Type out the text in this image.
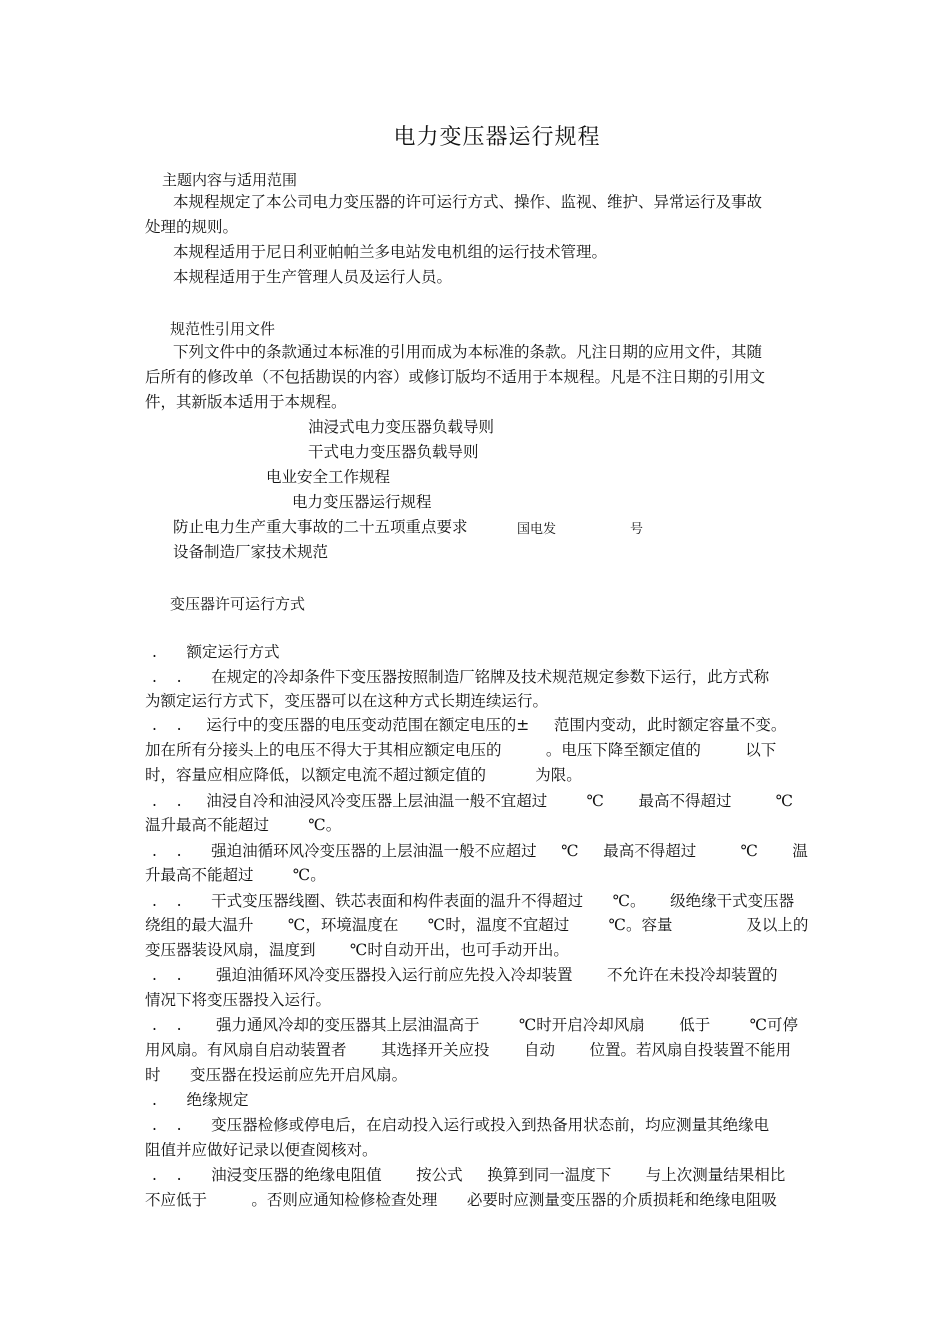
电力变压器运行规程
主题内容与适用范围
本规程规定了本公司电力变压器的许可运行方式、操作、监视、维护、异常运行及事故
处理的规则。
本规程适用于尼日利亚帕帕兰多电站发电机组的运行技术管理。
本规程适用于生产管理人员及运行人员。
规范性引用文件
下列文件中的条款通过本标准的引用而成为本标准的条款。凡注日期的应用文件，其随
后所有的修改单（不包括勘误的内容）或修订版均不适用于本规程。凡是不注日期的引用文
件，其新版本适用于本规程。
油浸式电力变压器负载导则
干式电力变压器负载导则
电业安全工作规程
电力变压器运行规程
防止电力生产重大事故的二十五项重点要求	国电发	号
设备制造厂家技术规范
变压器许可运行方式
.      额定运行方式
.    .      在规定的冷却条件下变压器按照制造厂铭牌及技术规范规定参数下运行，此方式称
为额定运行方式下，变压器可以在这种方式长期连续运行。
.    .     运行中的变压器的电压变动范围在额定电压的±     范围内变动，此时额定容量不变。
加在所有分接头上的电压不得大于其相应额定电压的         。电压下降至额定值的         以下
时，容量应相应降低，以额定电流不超过额定值的          为限。
.    .     油浸自冷和油浸风冷变压器上层油温一般不宜超过        ℃       最高不得超过         ℃
温升最高不能超过        ℃。
.    .      强迫油循环风冷变压器的上层油温一般不应超过     ℃     最高不得超过         ℃       温
升最高不能超过        ℃。
.    .      干式变压器线圈、铁芯表面和构件表面的温升不得超过      ℃。     级绝缘干式变压器
绕组的最大温升       ℃，环境温度在      ℃时，温度不宜超过        ℃。容量               及以上的
变压器装设风扇，温度到       ℃时自动开出，也可手动开出。
.    .       强迫油循环风冷变压器投入运行前应先投入冷却装置       不允许在未投冷却装置的
情况下将变压器投入运行。
.    .       强力通风冷却的变压器其上层油温高于        ℃时开启冷却风扇       低于        ℃可停
用风扇。有风扇自启动装置者       其选择开关应投       自动       位置。若风扇自投装置不能用
时      变压器在投运前应先开启风扇。
.      绝缘规定
.    .      变压器检修或停电后，在启动投入运行或投入到热备用状态前，均应测量其绝缘电
阻值并应做好记录以便查阅核对。
.    .      油浸变压器的绝缘电阻值       按公式     换算到同一温度下       与上次测量结果相比
不应低于         。否则应通知检修检查处理      必要时应测量变压器的介质损耗和绝缘电阻吸
